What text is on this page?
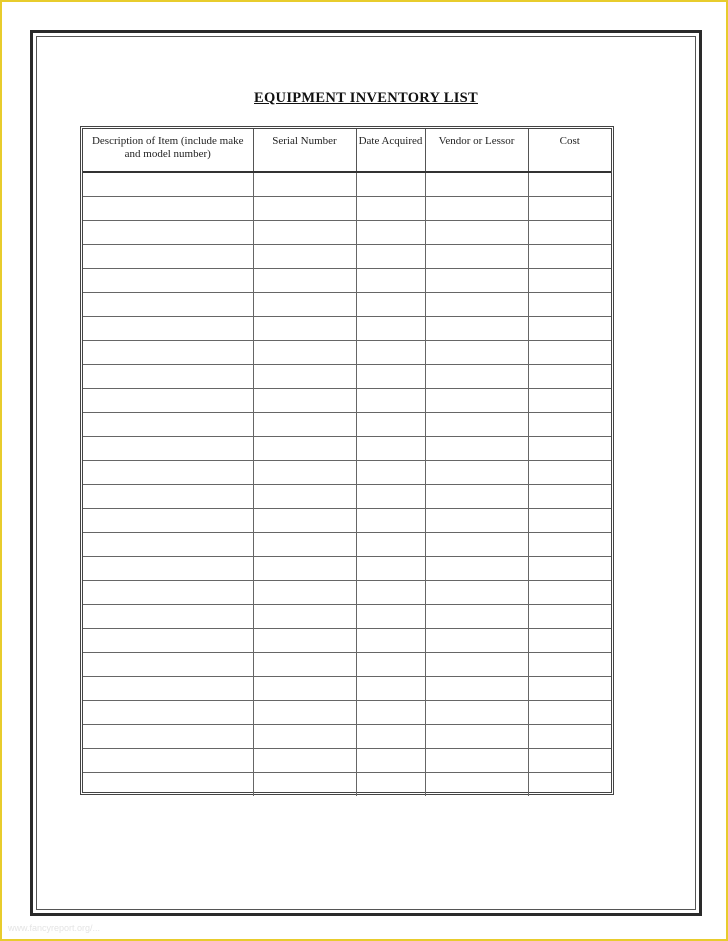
EQUIPMENT INVENTORY LIST
Description of Item (include make and model number)	Serial Number	Date Acquired	Vendor or Lessor	Cost

www.fancyreport.org/...
